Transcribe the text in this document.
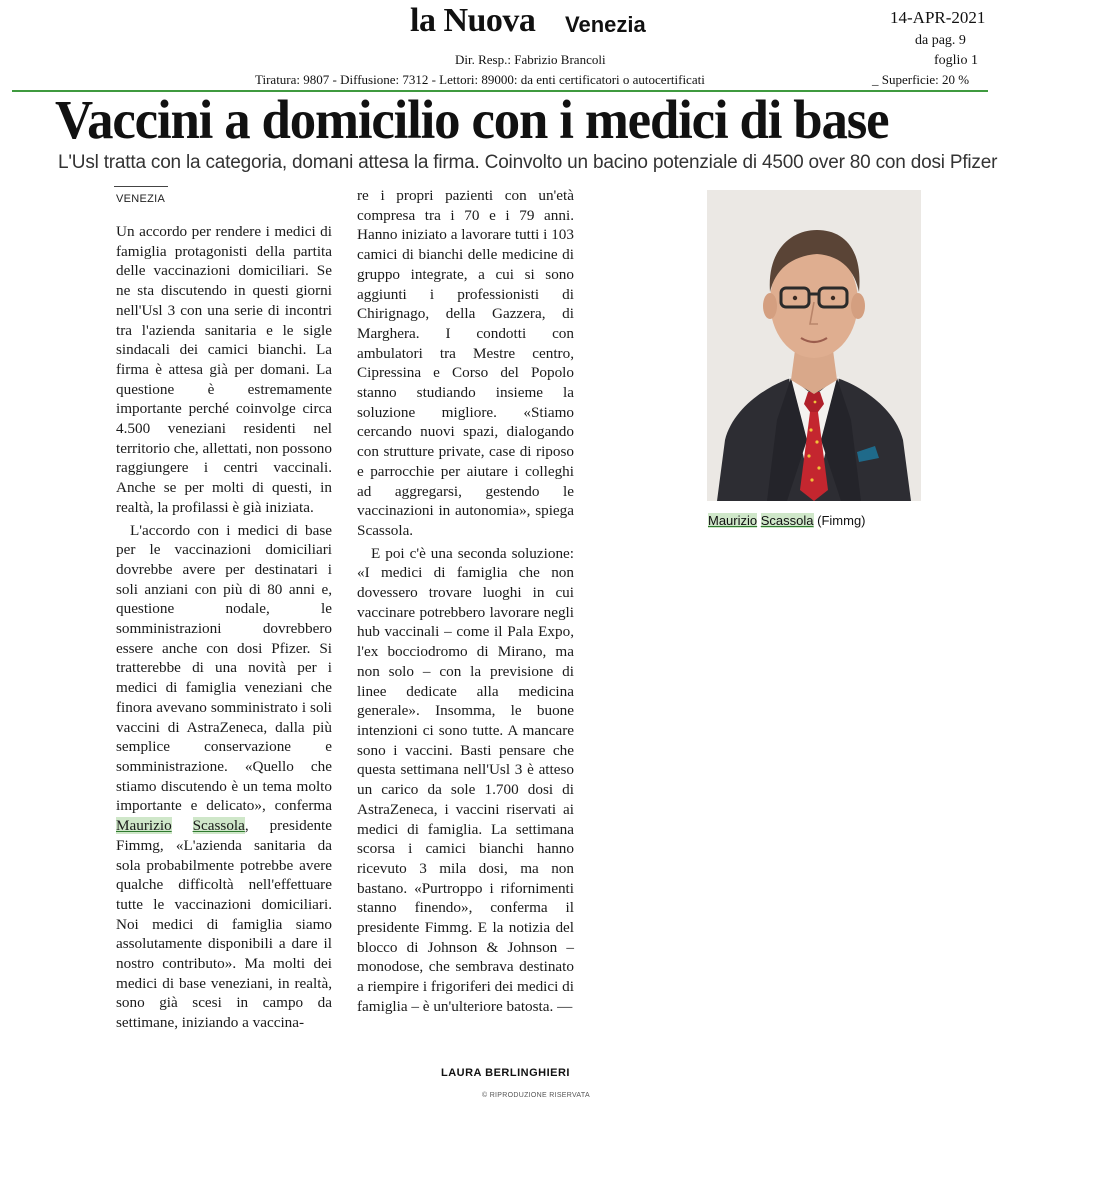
la Nuova Venezia	14-APR-2021
da pag. 9
foglio 1
Dir. Resp.: Fabrizio Brancoli
Tiratura: 9807 - Diffusione: 7312 - Lettori: 89000: da enti certificatori o autocertificati	_ Superficie: 20 %
Vaccini a domicilio con i medici di base
L'Usl tratta con la categoria, domani attesa la firma. Coinvolto un bacino potenziale di 4500 over 80 con dosi Pfizer
VENEZIA

Un accordo per rendere i medici di famiglia protagonisti della partita delle vaccinazioni domiciliari. Se ne sta discutendo in questi giorni nell'Usl 3 con una serie di incontri tra l'azienda sanitaria e le sigle sindacali dei camici bianchi. La firma è attesa già per domani. La questione è estremamente importante perché coinvolge circa 4.500 veneziani residenti nel territorio che, allettati, non possono raggiungere i centri vaccinali. Anche se per molti di questi, in realtà, la profilassi è già iniziata.

L'accordo con i medici di base per le vaccinazioni domiciliari dovrebbe avere per destinatari i soli anziani con più di 80 anni e, questione nodale, le somministrazioni dovrebbero essere anche con dosi Pfizer. Si tratterebbe di una novità per i medici di famiglia veneziani che finora avevano somministrato i soli vaccini di AstraZeneca, dalla più semplice conservazione e somministrazione. «Quello che stiamo discutendo è un tema molto importante e delicato», conferma Maurizio Scassola, presidente Fimmg, «L'azienda sanitaria da sola probabilmente potrebbe avere qualche difficoltà nell'effettuare tutte le vaccinazioni domiciliari. Noi medici di famiglia siamo assolutamente disponibili a dare il nostro contributo». Ma molti dei medici di base veneziani, in realtà, sono già scesi in campo da settimane, iniziando a vaccina-

re i propri pazienti con un'età compresa tra i 70 e i 79 anni. Hanno iniziato a lavorare tutti i 103 camici di bianchi delle medicine di gruppo integrate, a cui si sono aggiunti i professionisti di Chirignago, della Gazzera, di Marghera. I condotti con ambulatori tra Mestre centro, Cipressina e Corso del Popolo stanno studiando insieme la soluzione migliore. «Stiamo cercando nuovi spazi, dialogando con strutture private, case di riposo e parrocchie per aiutare i colleghi ad aggregarsi, gestendo le vaccinazioni in autonomia», spiega Scassola.

E poi c'è una seconda soluzione: «I medici di famiglia che non dovessero trovare luoghi in cui vaccinare potrebbero lavorare negli hub vaccinali – come il Pala Expo, l'ex bocciodromo di Mirano, ma non solo – con la previsione di linee dedicate alla medicina generale». Insomma, le buone intenzioni ci sono tutte. A mancare sono i vaccini. Basti pensare che questa settimana nell'Usl 3 è atteso un carico da sole 1.700 dosi di AstraZeneca, i vaccini riservati ai medici di famiglia. La settimana scorsa i camici bianchi hanno ricevuto 3 mila dosi, ma non bastano. «Purtroppo i rifornimenti stanno finendo», conferma il presidente Fimmg. E la notizia del blocco di Johnson & Johnson – monodose, che sembrava destinato a riempire i frigoriferi dei medici di famiglia – è un'ulteriore batosta. —

LAURA BERLINGHIERI
© RIPRODUZIONE RISERVATA
Maurizio Scassola (Fimmg)
